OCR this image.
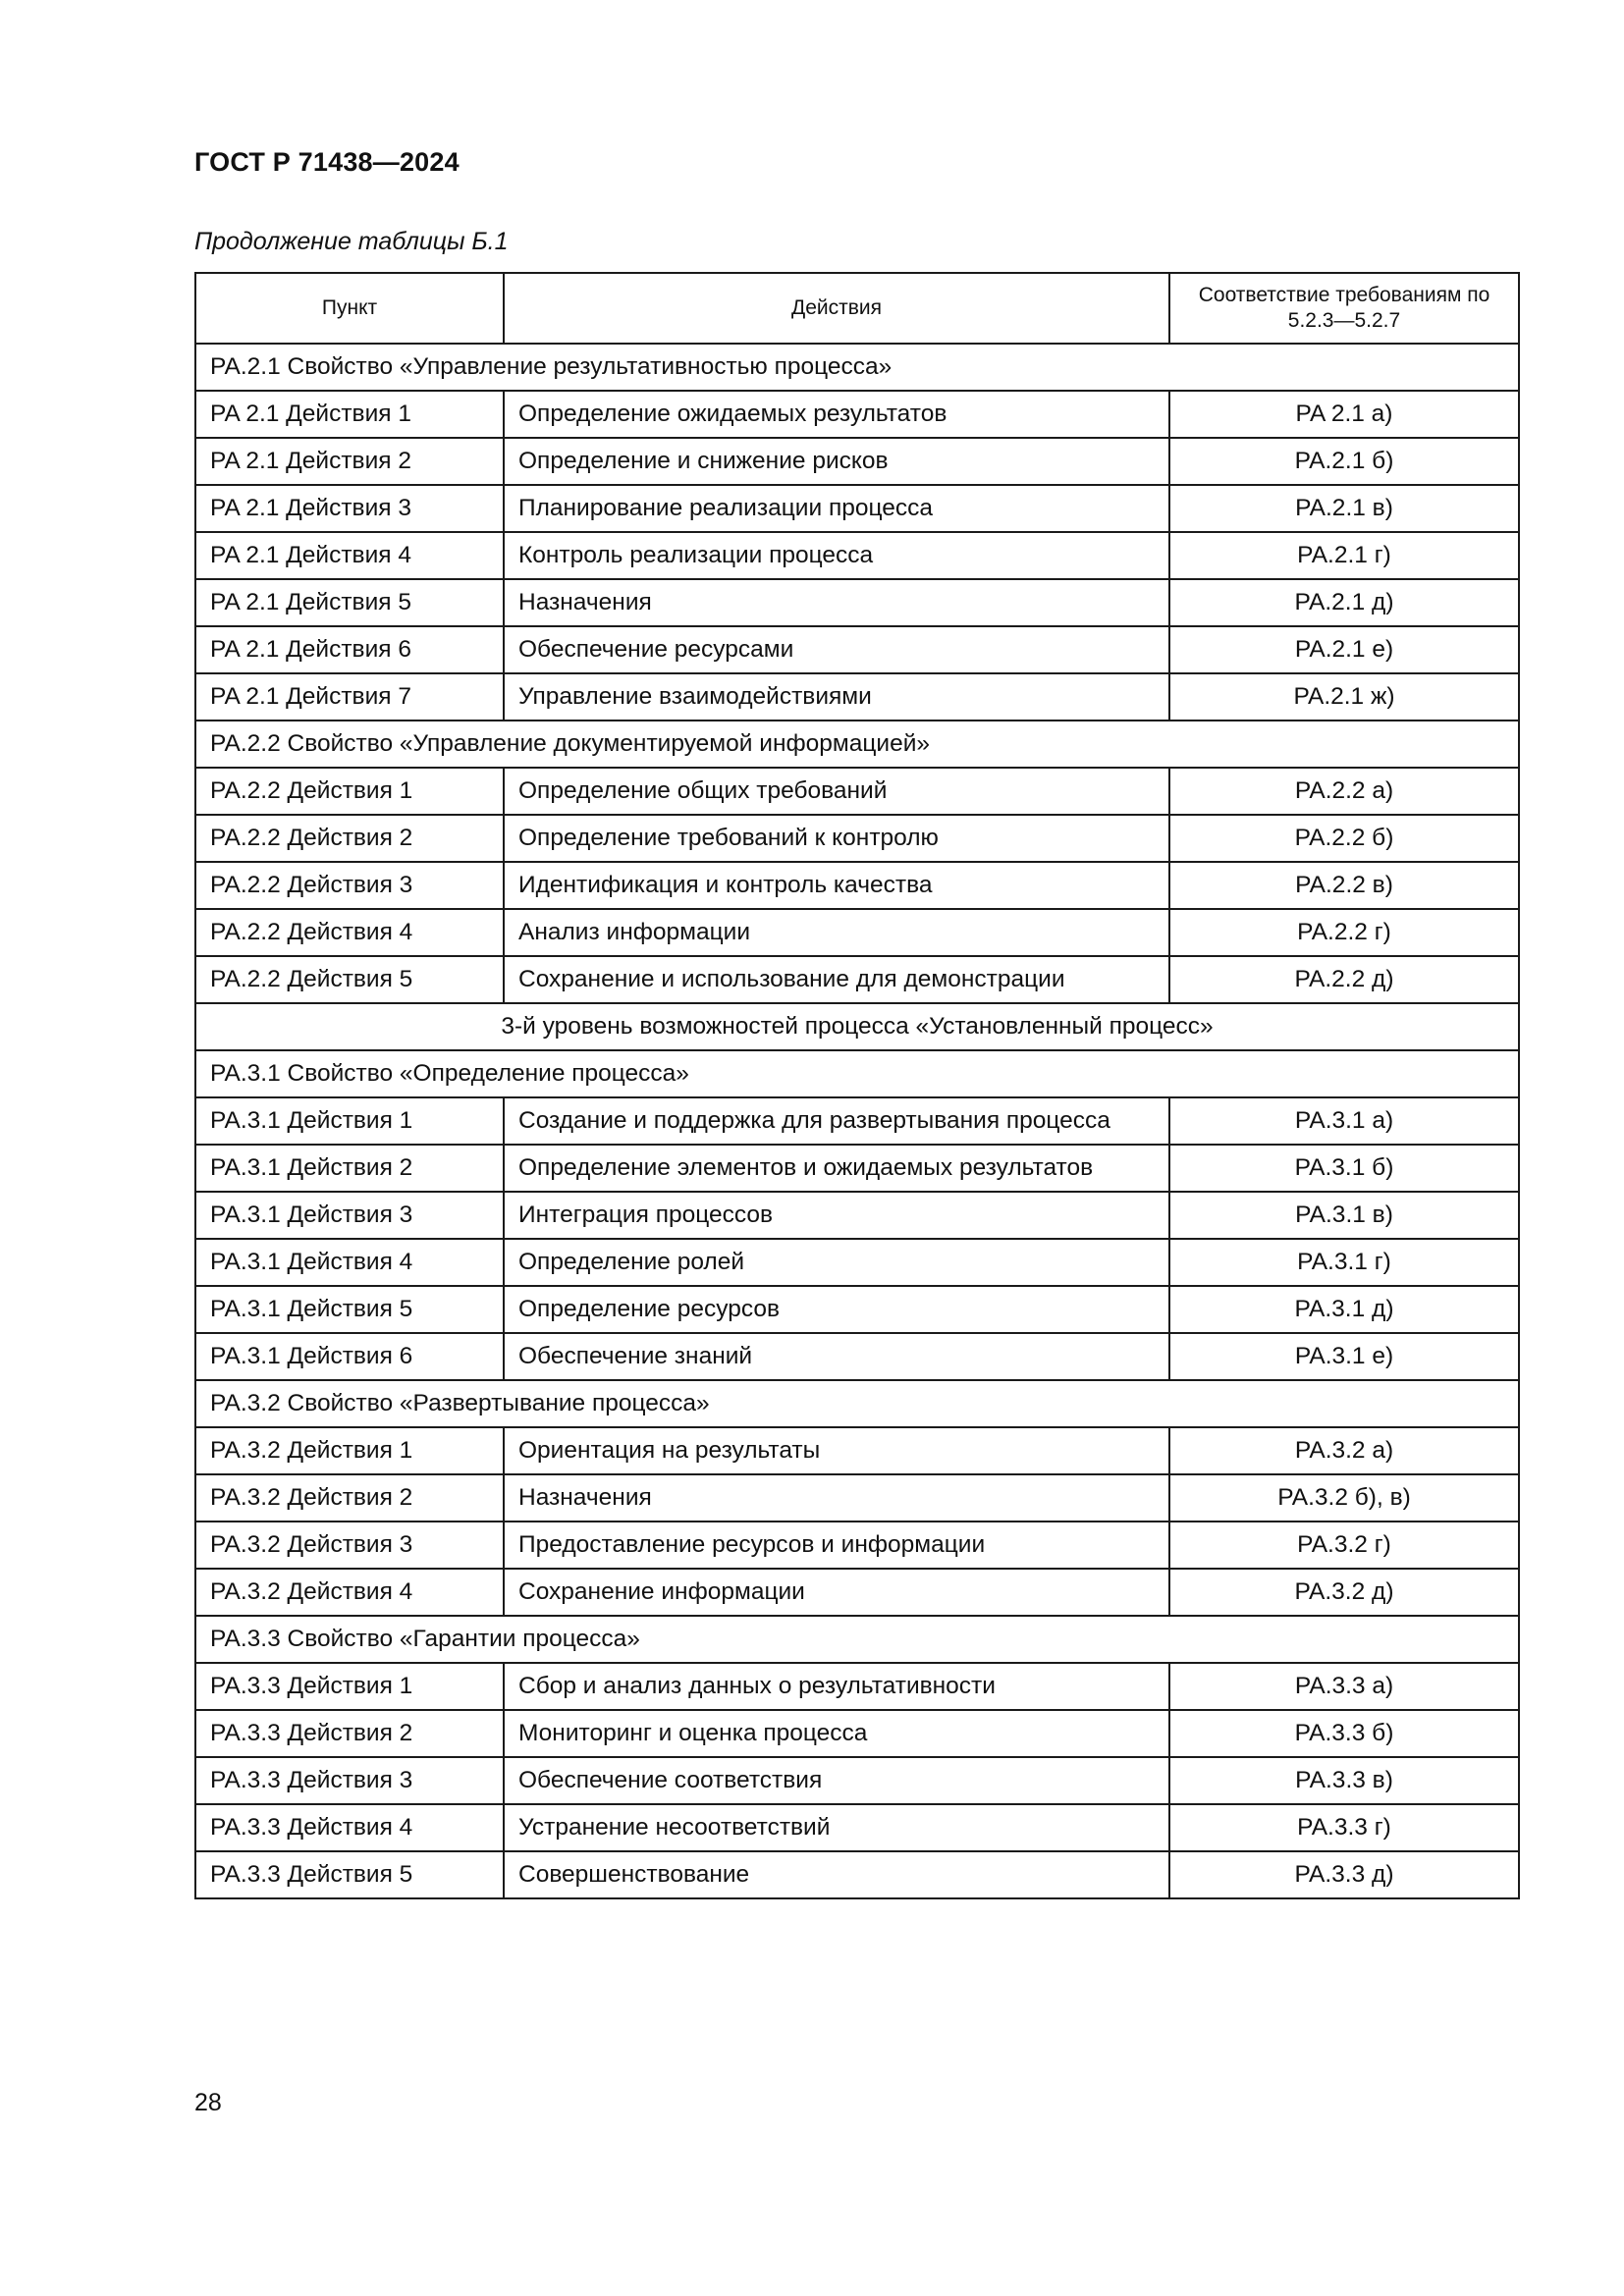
ГОСТ Р 71438—2024
Продолжение таблицы Б.1
Пункт	Действия	Соответствие требованиям по 5.2.3—5.2.7
PA.2.1 Свойство «Управление результативностью процесса»		
PA 2.1 Действия 1	Определение ожидаемых результатов	PA 2.1 а)
PA 2.1 Действия 2	Определение и снижение рисков	PA.2.1 б)
PA 2.1 Действия 3	Планирование реализации процесса	PA.2.1 в)
PA 2.1 Действия 4	Контроль реализации процесса	PA.2.1 г)
PA 2.1 Действия 5	Назначения	PA.2.1 д)
PA 2.1 Действия 6	Обеспечение ресурсами	PA.2.1 е)
PA 2.1 Действия 7	Управление взаимодействиями	PA.2.1 ж)
PA.2.2 Свойство «Управление документируемой информацией»		
PA.2.2 Действия 1	Определение общих требований	PA.2.2 а)
PA.2.2 Действия 2	Определение требований к контролю	PA.2.2 б)
PA.2.2 Действия 3	Идентификация и контроль качества	PA.2.2 в)
PA.2.2 Действия 4	Анализ информации	PA.2.2 г)
PA.2.2 Действия 5	Сохранение и использование для демонстрации	PA.2.2 д)
3-й уровень возможностей процесса «Установленный процесс»		
PA.3.1 Свойство «Определение процесса»		
PA.3.1 Действия 1	Создание и поддержка для развертывания процесса	PA.3.1 а)
PA.3.1 Действия 2	Определение элементов и ожидаемых результатов	PA.3.1 б)
PA.3.1 Действия 3	Интеграция процессов	PA.3.1 в)
PA.3.1 Действия 4	Определение ролей	PA.3.1 г)
PA.3.1 Действия 5	Определение ресурсов	PA.3.1 д)
PA.3.1 Действия 6	Обеспечение знаний	PA.3.1 е)
PA.3.2 Свойство «Развертывание процесса»		
PA.3.2 Действия 1	Ориентация на результаты	PA.3.2 а)
PA.3.2 Действия 2	Назначения	PA.3.2 б), в)
PA.3.2 Действия 3	Предоставление ресурсов и информации	PA.3.2 г)
PA.3.2 Действия 4	Сохранение информации	PA.3.2 д)
PA.3.3 Свойство «Гарантии процесса»		
PA.3.3 Действия 1	Сбор и анализ данных о результативности	PA.3.3 а)
PA.3.3 Действия 2	Мониторинг и оценка процесса	PA.3.3 б)
PA.3.3 Действия 3	Обеспечение соответствия	PA.3.3 в)
PA.3.3 Действия 4	Устранение несоответствий	PA.3.3 г)
PA.3.3 Действия 5	Совершенствование	PA.3.3 д)
28
